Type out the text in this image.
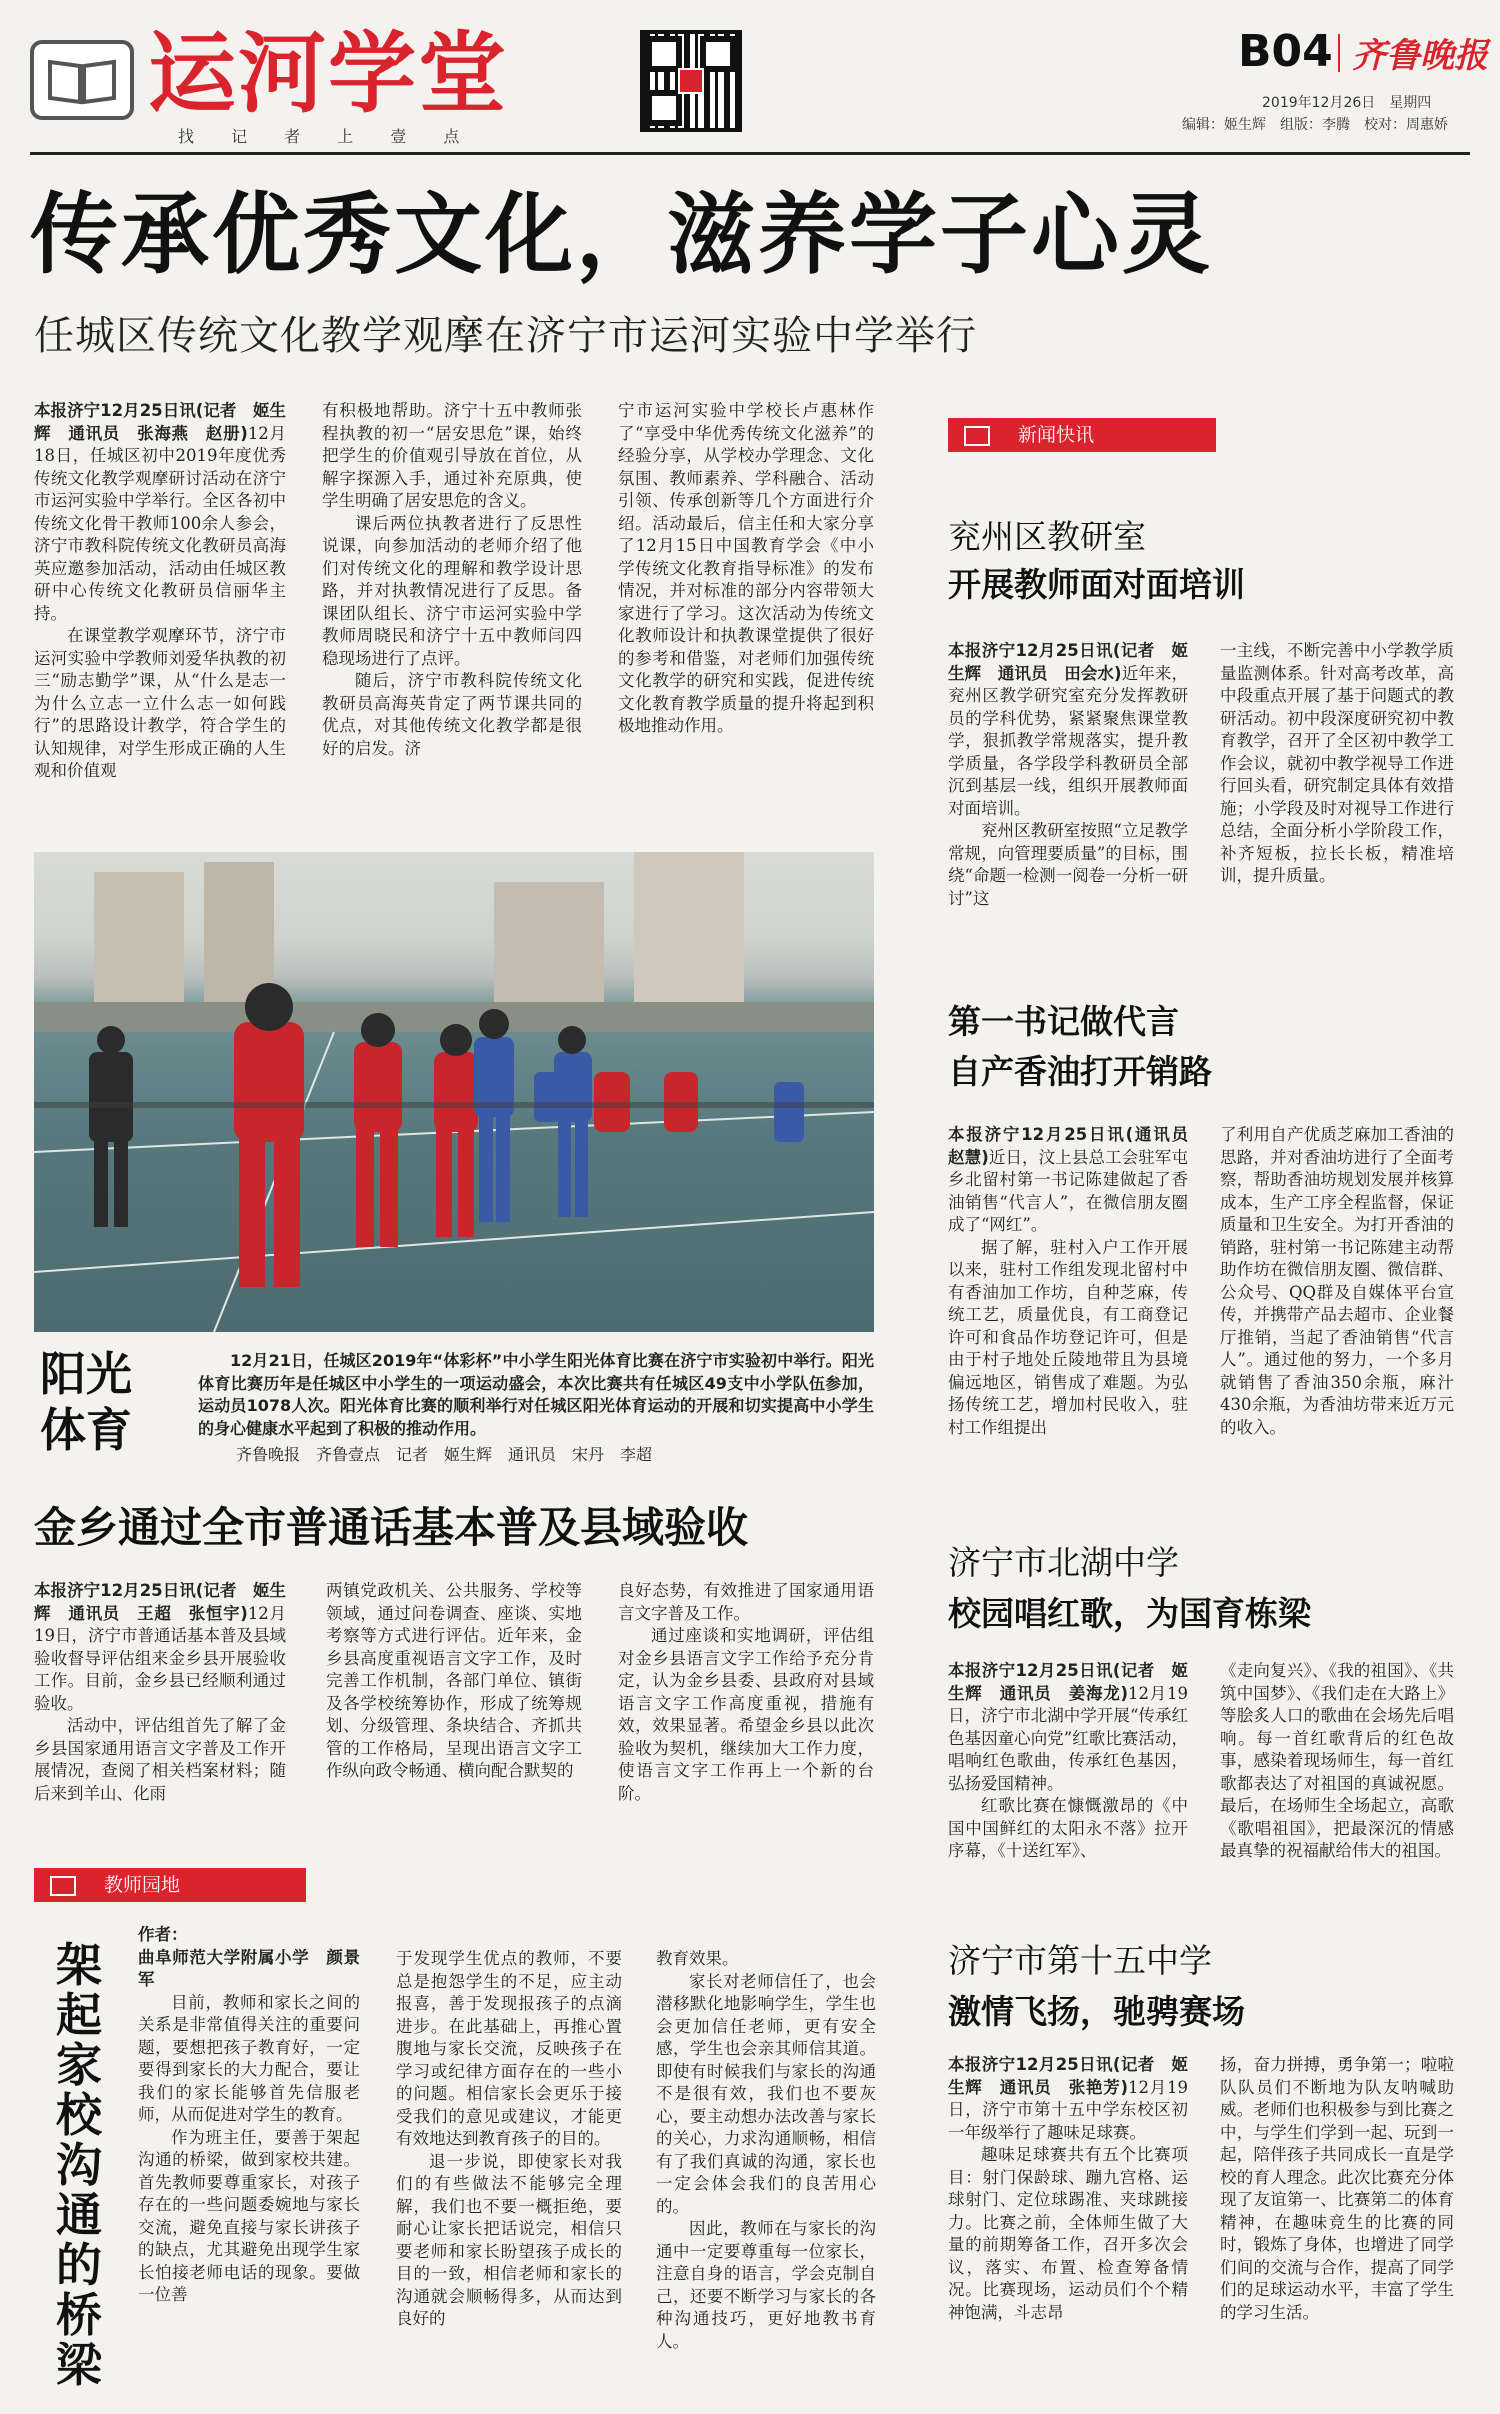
运河学堂
找 记 者 上 壹 点
B04 齐鲁晚报
2019年12月26日　星期四
编辑：姬生辉　组版：李腾　校对：周惠娇
传承优秀文化，滋养学子心灵
任城区传统文化教学观摩在济宁市运河实验中学举行

本报济宁12月25日讯(记者　姬生辉　通讯员　张海燕　赵册)12月18日，任城区初中2019年度优秀传统文化教学观摩研讨活动在济宁市运河实验中学举行。全区各初中传统文化骨干教师100余人参会，济宁市教科院传统文化教研员高海英应邀参加活动，活动由任城区教研中心传统文化教研员信丽华主持。

在课堂教学观摩环节，济宁市运河实验中学教师刘爱华执教的初三“励志勤学”课，从“什么是志一为什么立志一立什么志一如何践行”的思路设计教学，符合学生的认知规律，对学生形成正确的人生观和价值观

有积极地帮助。济宁十五中教师张程执教的初一“居安思危”课，始终把学生的价值观引导放在首位，从解字探源入手，通过补充原典，使学生明确了居安思危的含义。

课后两位执教者进行了反思性说课，向参加活动的老师介绍了他们对传统文化的理解和教学设计思路，并对执教情况进行了反思。备课团队组长、济宁市运河实验中学教师周晓民和济宁十五中教师闫四稳现场进行了点评。

随后，济宁市教科院传统文化教研员高海英肯定了两节课共同的优点，对其他传统文化教学都是很好的启发。济

宁市运河实验中学校长卢惠林作了“享受中华优秀传统文化滋养”的经验分享，从学校办学理念、文化氛围、教师素养、学科融合、活动引领、传承创新等几个方面进行介绍。活动最后，信主任和大家分享了12月15日中国教育学会《中小学传统文化教育指导标准》的发布情况，并对标准的部分内容带领大家进行了学习。这次活动为传统文化教师设计和执教课堂提供了很好的参考和借鉴，对老师们加强传统文化教学的研究和实践，促进传统文化教育教学质量的提升将起到积极地推动作用。

阳光
体育
12月21日，任城区2019年“体彩杯”中小学生阳光体育比赛在济宁市实验初中举行。阳光体育比赛历年是任城区中小学生的一项运动盛会，本次比赛共有任城区49支中小学队伍参加，运动员1078人次。阳光体育比赛的顺利举行对任城区阳光体育运动的开展和切实提高中小学生的身心健康水平起到了积极的推动作用。
齐鲁晚报　齐鲁壹点　记者　姬生辉　通讯员　宋丹　李超
金乡通过全市普通话基本普及县域验收

本报济宁12月25日讯(记者　姬生辉　通讯员　王超　张恒宇)12月19日，济宁市普通话基本普及县域验收督导评估组来金乡县开展验收工作。目前，金乡县已经顺利通过验收。

活动中，评估组首先了解了金乡县国家通用语言文字普及工作开展情况，查阅了相关档案材料；随后来到羊山、化雨

两镇党政机关、公共服务、学校等领域，通过问卷调查、座谈、实地考察等方式进行评估。近年来，金乡县高度重视语言文字工作，及时完善工作机制，各部门单位、镇街及各学校统筹协作，形成了统筹规划、分级管理、条块结合、齐抓共管的工作格局，呈现出语言文字工作纵向政令畅通、横向配合默契的

良好态势，有效推进了国家通用语言文字普及工作。

通过座谈和实地调研，评估组对金乡县语言文字工作给予充分肯定，认为金乡县委、县政府对县域语言文字工作高度重视，措施有效，效果显著。希望金乡县以此次验收为契机，继续加大工作力度，使语言文字工作再上一个新的台阶。

教师园地
架
起
家
校
沟
通
的
桥
梁

作者：

曲阜师范大学附属小学　颜景军

目前，教师和家长之间的关系是非常值得关注的重要问题，要想把孩子教育好，一定要得到家长的大力配合，要让我们的家长能够首先信服老师，从而促进对学生的教育。

作为班主任，要善于架起沟通的桥梁，做到家校共建。首先教师要尊重家长，对孩子存在的一些问题委婉地与家长交流，避免直接与家长讲孩子的缺点，尤其避免出现学生家长怕接老师电话的现象。要做一位善

于发现学生优点的教师，不要总是抱怨学生的不足，应主动报喜，善于发现报孩子的点滴进步。在此基础上，再推心置腹地与家长交流，反映孩子在学习或纪律方面存在的一些小的问题。相信家长会更乐于接受我们的意见或建议，才能更有效地达到教育孩子的目的。

退一步说，即使家长对我们的有些做法不能够完全理解，我们也不要一概拒绝，要耐心让家长把话说完，相信只要老师和家长盼望孩子成长的目的一致，相信老师和家长的沟通就会顺畅得多，从而达到良好的

教育效果。

家长对老师信任了，也会潜移默化地影响学生，学生也会更加信任老师，更有安全感，学生也会亲其师信其道。即使有时候我们与家长的沟通不是很有效，我们也不要灰心，要主动想办法改善与家长的关心，力求沟通顺畅，相信有了我们真诚的沟通，家长也一定会体会我们的良苦用心的。

因此，教师在与家长的沟通中一定要尊重每一位家长，注意自身的语言，学会克制自己，还要不断学习与家长的各种沟通技巧，更好地教书育人。

新闻快讯
兖州区教研室
开展教师面对面培训

本报济宁12月25日讯(记者　姬生辉　通讯员　田会水)近年来，兖州区教学研究室充分发挥教研员的学科优势，紧紧聚焦课堂教学，狠抓教学常规落实，提升教学质量，各学段学科教研员全部沉到基层一线，组织开展教师面对面培训。

兖州区教研室按照“立足教学常规，向管理要质量”的目标，围绕“命题一检测一阅卷一分析一研讨”这

一主线，不断完善中小学教学质量监测体系。针对高考改革，高中段重点开展了基于问题式的教研活动。初中段深度研究初中教育教学，召开了全区初中教学工作会议，就初中教学视导工作进行回头看，研究制定具体有效措施；小学段及时对视导工作进行总结，全面分析小学阶段工作，补齐短板，拉长长板，精准培训，提升质量。

第一书记做代言
自产香油打开销路

本报济宁12月25日讯(通讯员　赵慧)近日，汶上县总工会驻军屯乡北留村第一书记陈建做起了香油销售“代言人”，在微信朋友圈成了“网红”。

据了解，驻村入户工作开展以来，驻村工作组发现北留村中有香油加工作坊，自种芝麻，传统工艺，质量优良，有工商登记许可和食品作坊登记许可，但是由于村子地处丘陵地带且为县境偏远地区，销售成了难题。为弘扬传统工艺，增加村民收入，驻村工作组提出

了利用自产优质芝麻加工香油的思路，并对香油坊进行了全面考察，帮助香油坊规划发展并核算成本，生产工序全程监督，保证质量和卫生安全。为打开香油的销路，驻村第一书记陈建主动帮助作坊在微信朋友圈、微信群、公众号、QQ群及自媒体平台宣传，并携带产品去超市、企业餐厅推销，当起了香油销售“代言人”。通过他的努力，一个多月就销售了香油350余瓶，麻汁430余瓶，为香油坊带来近万元的收入。

济宁市北湖中学
校园唱红歌，为国育栋梁

本报济宁12月25日讯(记者　姬生辉　通讯员　姜海龙)12月19日，济宁市北湖中学开展“传承红色基因童心向党”红歌比赛活动，唱响红色歌曲，传承红色基因，弘扬爱国精神。

红歌比赛在慷慨激昂的《中国中国鲜红的太阳永不落》拉开序幕，《十送红军》、

《走向复兴》、《我的祖国》、《共筑中国梦》、《我们走在大路上》等脍炙人口的歌曲在会场先后唱响。每一首红歌背后的红色故事，感染着现场师生，每一首红歌都表达了对祖国的真诚祝愿。最后，在场师生全场起立，高歌《歌唱祖国》，把最深沉的情感最真挚的祝福献给伟大的祖国。

济宁市第十五中学
激情飞扬，驰骋赛场

本报济宁12月25日讯(记者　姬生辉　通讯员　张艳芳)12月19日，济宁市第十五中学东校区初一年级举行了趣味足球赛。

趣味足球赛共有五个比赛项目：射门保龄球、蹦九宫格、运球射门、定位球踢准、夹球跳接力。比赛之前，全体师生做了大量的前期筹备工作，召开多次会议，落实、布置、检查筹备情况。比赛现场，运动员们个个精神饱满，斗志昂

扬，奋力拼搏，勇争第一；啦啦队队员们不断地为队友呐喊助威。老师们也积极参与到比赛之中，与学生们学到一起、玩到一起，陪伴孩子共同成长一直是学校的育人理念。此次比赛充分体现了友谊第一、比赛第二的体育精神，在趣味竞生的比赛的同时，锻炼了身体，也增进了同学们间的交流与合作，提高了同学们的足球运动水平，丰富了学生的学习生活。
